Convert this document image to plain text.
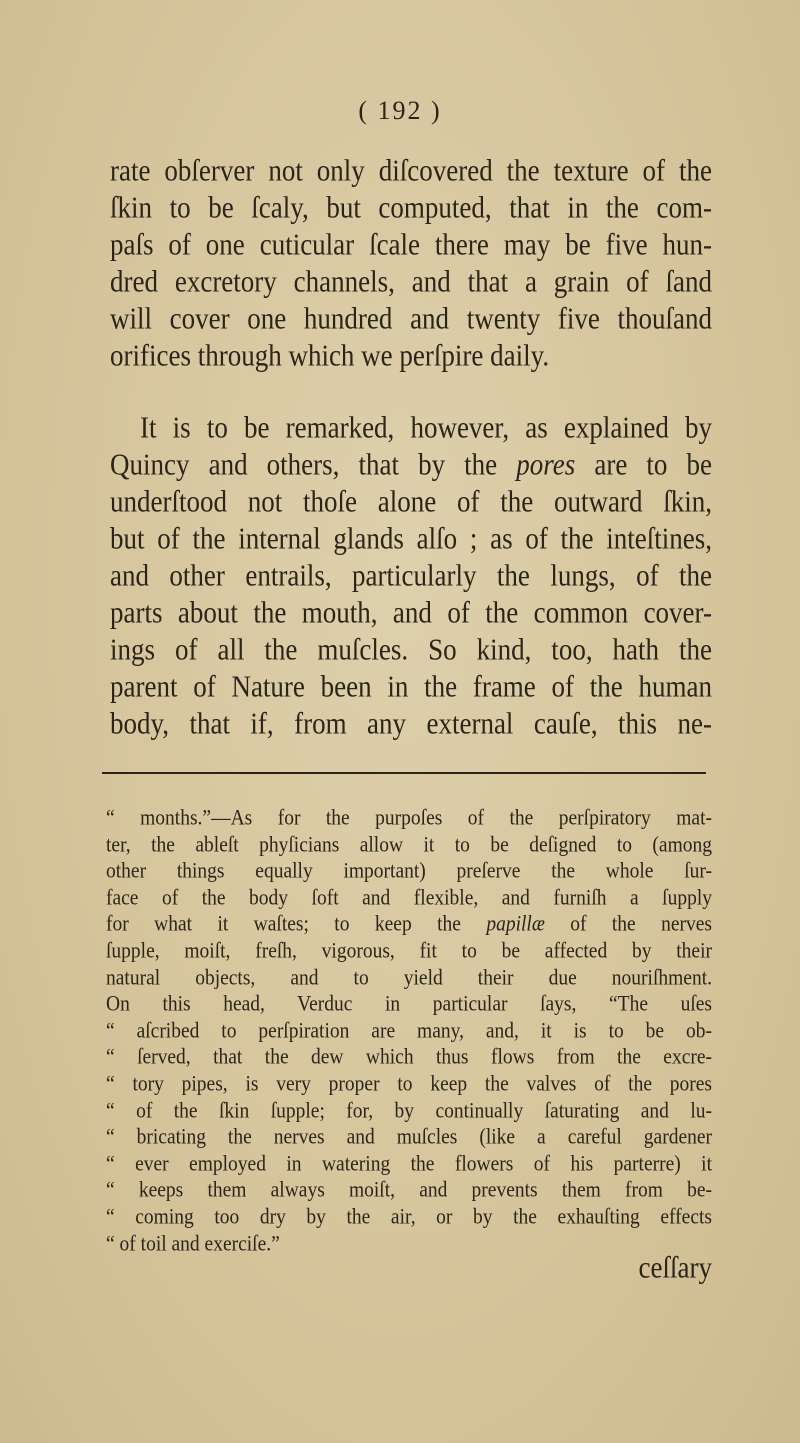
( 192 )
rate obſerver not only diſcovered the texture of the
ſkin to be ſcaly, but computed, that in the com-
paſs of one cuticular ſcale there may be five hun-
dred excretory channels, and that a grain of ſand
will cover one hundred and twenty five thouſand
orifices through which we perſpire daily.
It is to be remarked, however, as explained by
Quincy and others, that by the pores are to be
underſtood not thoſe alone of the outward ſkin,
but of the internal glands alſo ; as of the inteſtines,
and other entrails, particularly the lungs, of the
parts about the mouth, and of the common cover-
ings of all the muſcles. So kind, too, hath the
parent of Nature been in the frame of the human
body, that if, from any external cauſe, this ne-
“ months.”—As for the purpoſes of the perſpiratory mat-
ter, the ableſt phyſicians allow it to be deſigned to (among
other things equally important) preſerve the whole ſur-
face of the body ſoft and flexible, and furniſh a ſupply
for what it waſtes; to keep the papillæ of the nerves
ſupple, moiſt, freſh, vigorous, fit to be affected by their
natural objects, and to yield their due nouriſhment.
On this head, Verduc in particular ſays, “The uſes
“ aſcribed to perſpiration are many, and, it is to be ob-
“ ſerved, that the dew which thus flows from the excre-
“ tory pipes, is very proper to keep the valves of the pores
“ of the ſkin ſupple; for, by continually ſaturating and lu-
“ bricating the nerves and muſcles (like a careful gardener
“ ever employed in watering the flowers of his parterre) it
“ keeps them always moiſt, and prevents them from be-
“ coming too dry by the air, or by the exhauſting effects
“ of toil and exerciſe.”
ceſſary
